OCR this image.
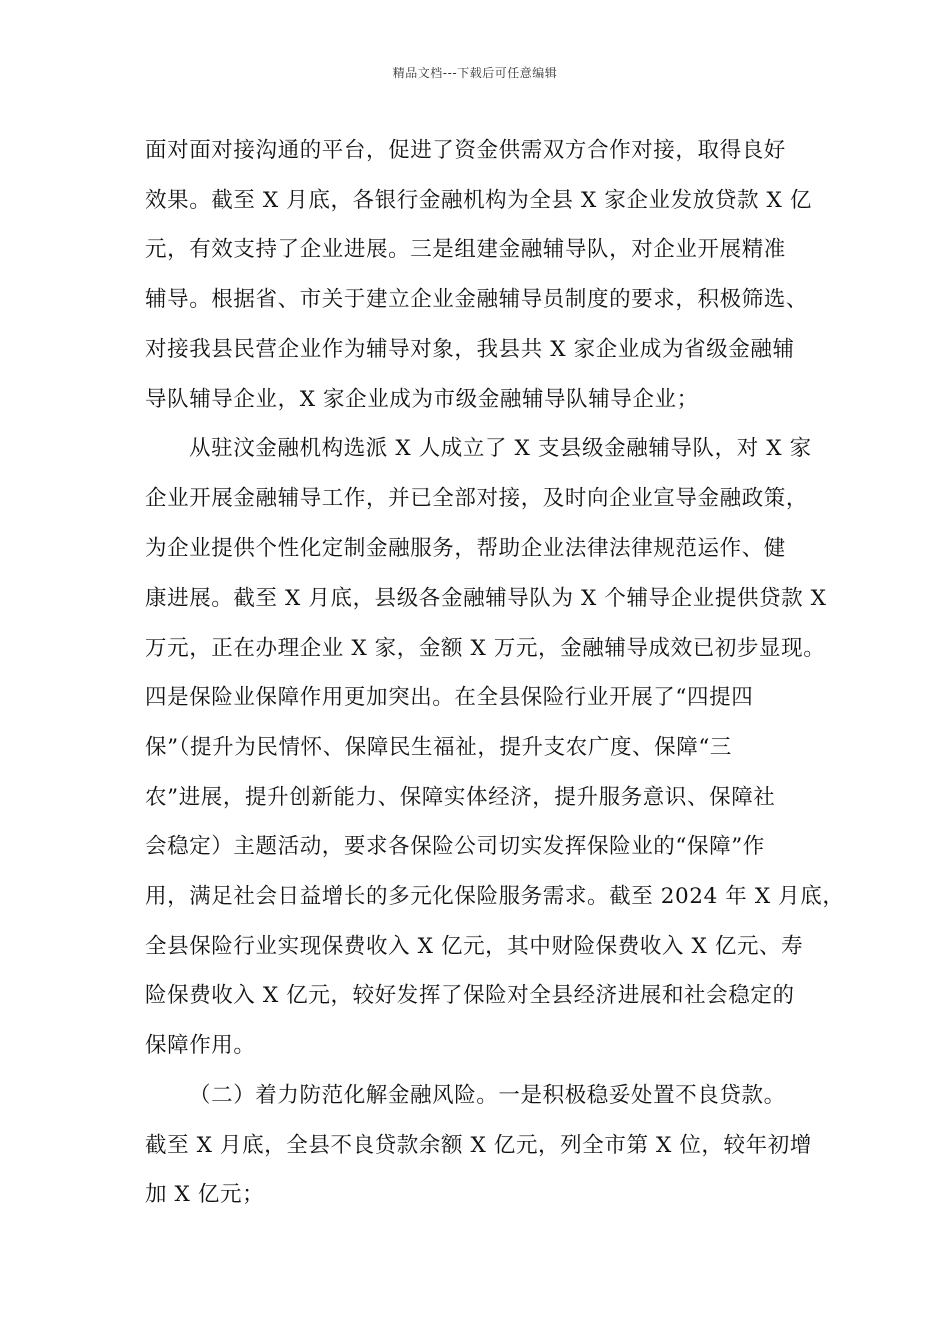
精品文档---下载后可任意编辑
面对面对接沟通的平台，促进了资金供需双方合作对接，取得良好
效果。截至 X 月底，各银行金融机构为全县 X 家企业发放贷款 X 亿
元，有效支持了企业进展。三是组建金融辅导队，对企业开展精准
辅导。根据省、市关于建立企业金融辅导员制度的要求，积极筛选、
对接我县民营企业作为辅导对象，我县共 X 家企业成为省级金融辅
导队辅导企业，X 家企业成为市级金融辅导队辅导企业；
从驻汶金融机构选派 X 人成立了 X 支县级金融辅导队，对 X 家
企业开展金融辅导工作，并已全部对接，及时向企业宣导金融政策，
为企业提供个性化定制金融服务，帮助企业法律法律规范运作、健
康进展。截至 X 月底，县级各金融辅导队为 X 个辅导企业提供贷款 X
万元，正在办理企业 X 家，金额 X 万元，金融辅导成效已初步显现。
四是保险业保障作用更加突出。在全县保险行业开展了“四提四
保”（提升为民情怀、保障民生福祉，提升支农广度、保障“三
农”进展，提升创新能力、保障实体经济，提升服务意识、保障社
会稳定）主题活动，要求各保险公司切实发挥保险业的“保障”作
用，满足社会日益增长的多元化保险服务需求。截至 2024 年 X 月底，
全县保险行业实现保费收入 X 亿元，其中财险保费收入 X 亿元、寿
险保费收入 X 亿元，较好发挥了保险对全县经济进展和社会稳定的
保障作用。
（二）着力防范化解金融风险。一是积极稳妥处置不良贷款。
截至 X 月底，全县不良贷款余额 X 亿元，列全市第 X 位，较年初增
加 X 亿元；
